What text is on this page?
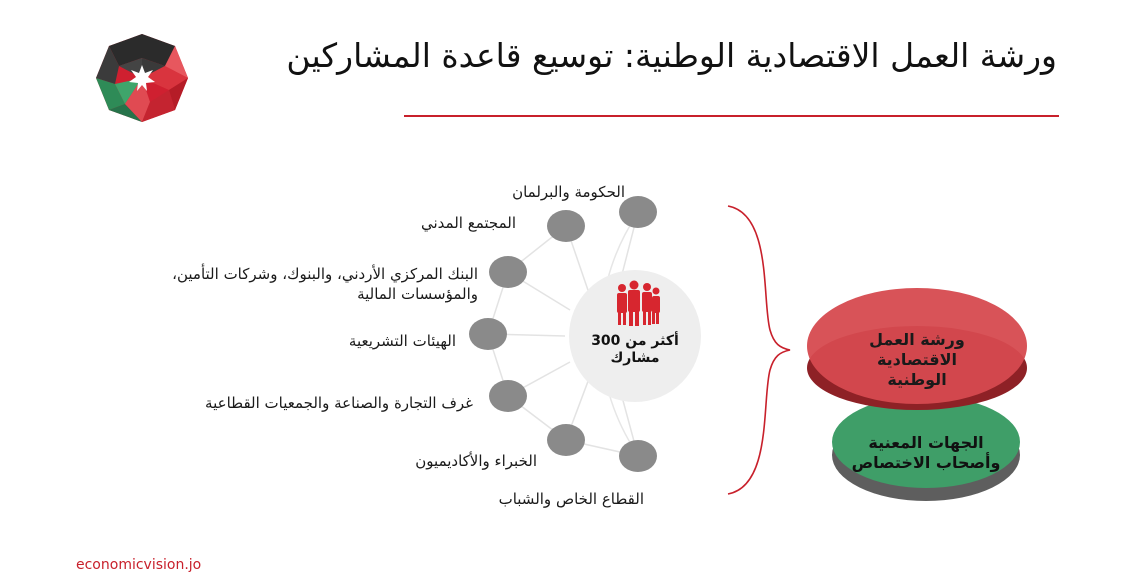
ورشة العمل الاقتصادية الوطنية: توسيع قاعدة المشاركين
الحكومة والبرلمان
المجتمع المدني
البنك المركزي الأردني، والبنوك، وشركات التأمين،
والمؤسسات المالية
الهيئات التشريعية
غرف التجارة والصناعة والجمعيات القطاعية
الخبراء والأكاديميون
القطاع الخاص والشباب
أكثر من 300
مشارك
ورشة العمل الاقتصادية
الوطنية
الجهات المعنية
وأصحاب الاختصاص
economicvision.jo
